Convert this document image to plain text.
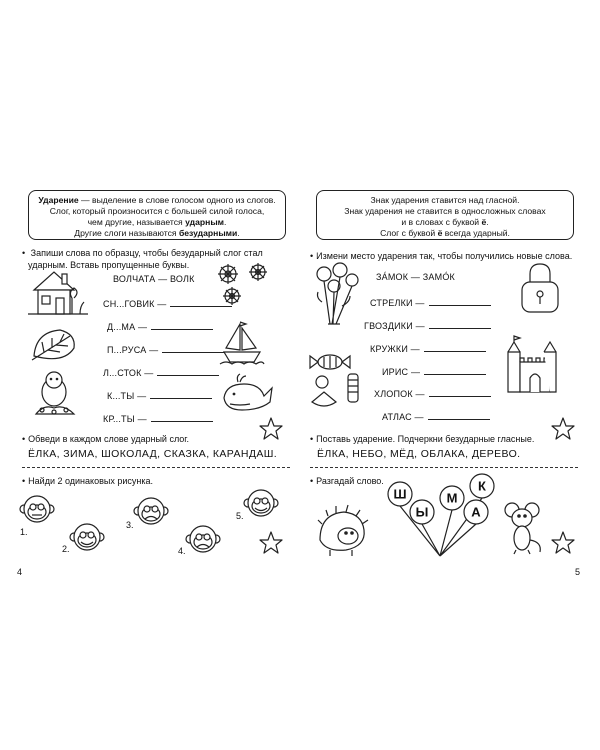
Ударение — выделение в слове голосом одного из слогов.
Слог, который произносится с большей силой голоса,
чем другие, называется ударным.
Другие слоги называются безударными.
• Запиши слова по образцу, чтобы безударный слог стал
ударным. Вставь пропущенные буквы.
ВОЛЧАТА — ВОЛК
СН...ГОВИК —
Д...МА —
П...РУСА —
Л...СТОК —
К...ТЫ —
КР...ТЫ —
• Обведи в каждом слове ударный слог.
ЁЛКА, ЗИМА, ШОКОЛАД, СКАЗКА, КАРАНДАШ.
• Найди 2 одинаковых рисунка.
1.
2.
3.
4.
5.
4
Знак ударения ставится над гласной.
Знак ударения не ставится в односложных словах
и в словах с буквой ё.
Слог с буквой ё всегда ударный.
• Измени место ударения так, чтобы получились новые слова.
ЗА́МОК — ЗАМО́К
СТРЕЛКИ —
ГВОЗДИКИ —
КРУЖКИ —
ИРИС —
ХЛОПОК —
АТЛАС —
• Поставь ударение. Подчеркни безударные гласные.
ЁЛКА, НЕБО, МЁД, ОБЛАКА, ДЕРЕВО.
• Разгадай слово.
Ш
Ы
М
А
К
5
